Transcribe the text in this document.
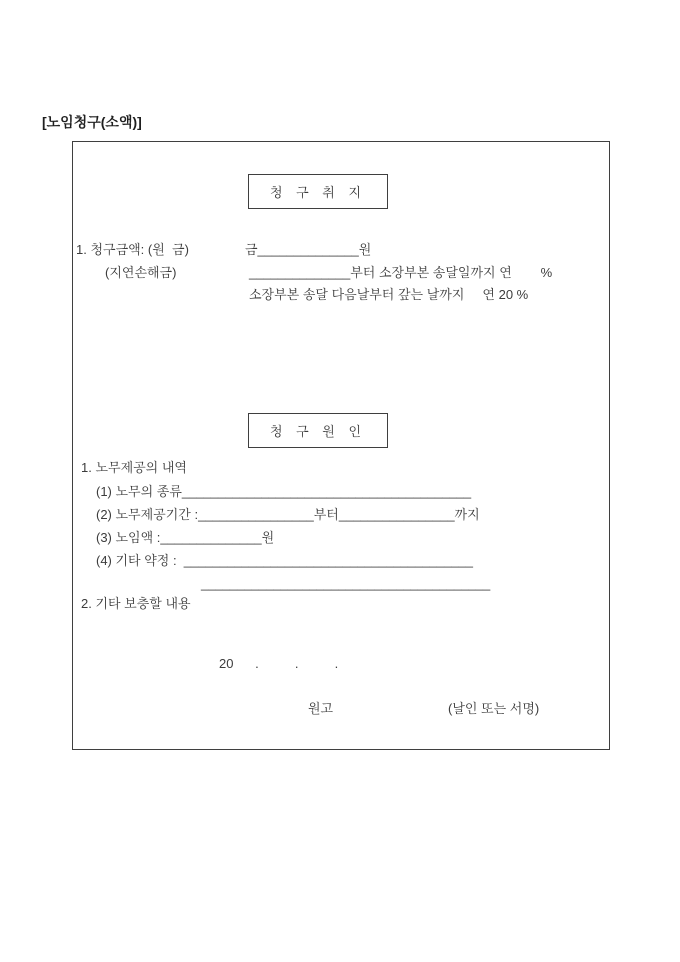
[노임청구(소액)]
청 구 취 지
1. 청구금액: (원  금)	금______________원
(지연손해금)	______________부터 소장부본 송달일까지 연        %
소장부본 송달 다음날부터 갚는 날까지     연 20 %
청 구 원 인
1. 노무제공의 내역
(1) 노무의 종류________________________________________
(2) 노무제공기간 :________________부터________________까지
(3) 노임액 :______________원
(4) 기타 약정 :  ________________________________________
________________________________________
2. 기타 보충할 내용
20      .          .          .
원고	(날인 또는 서명)
